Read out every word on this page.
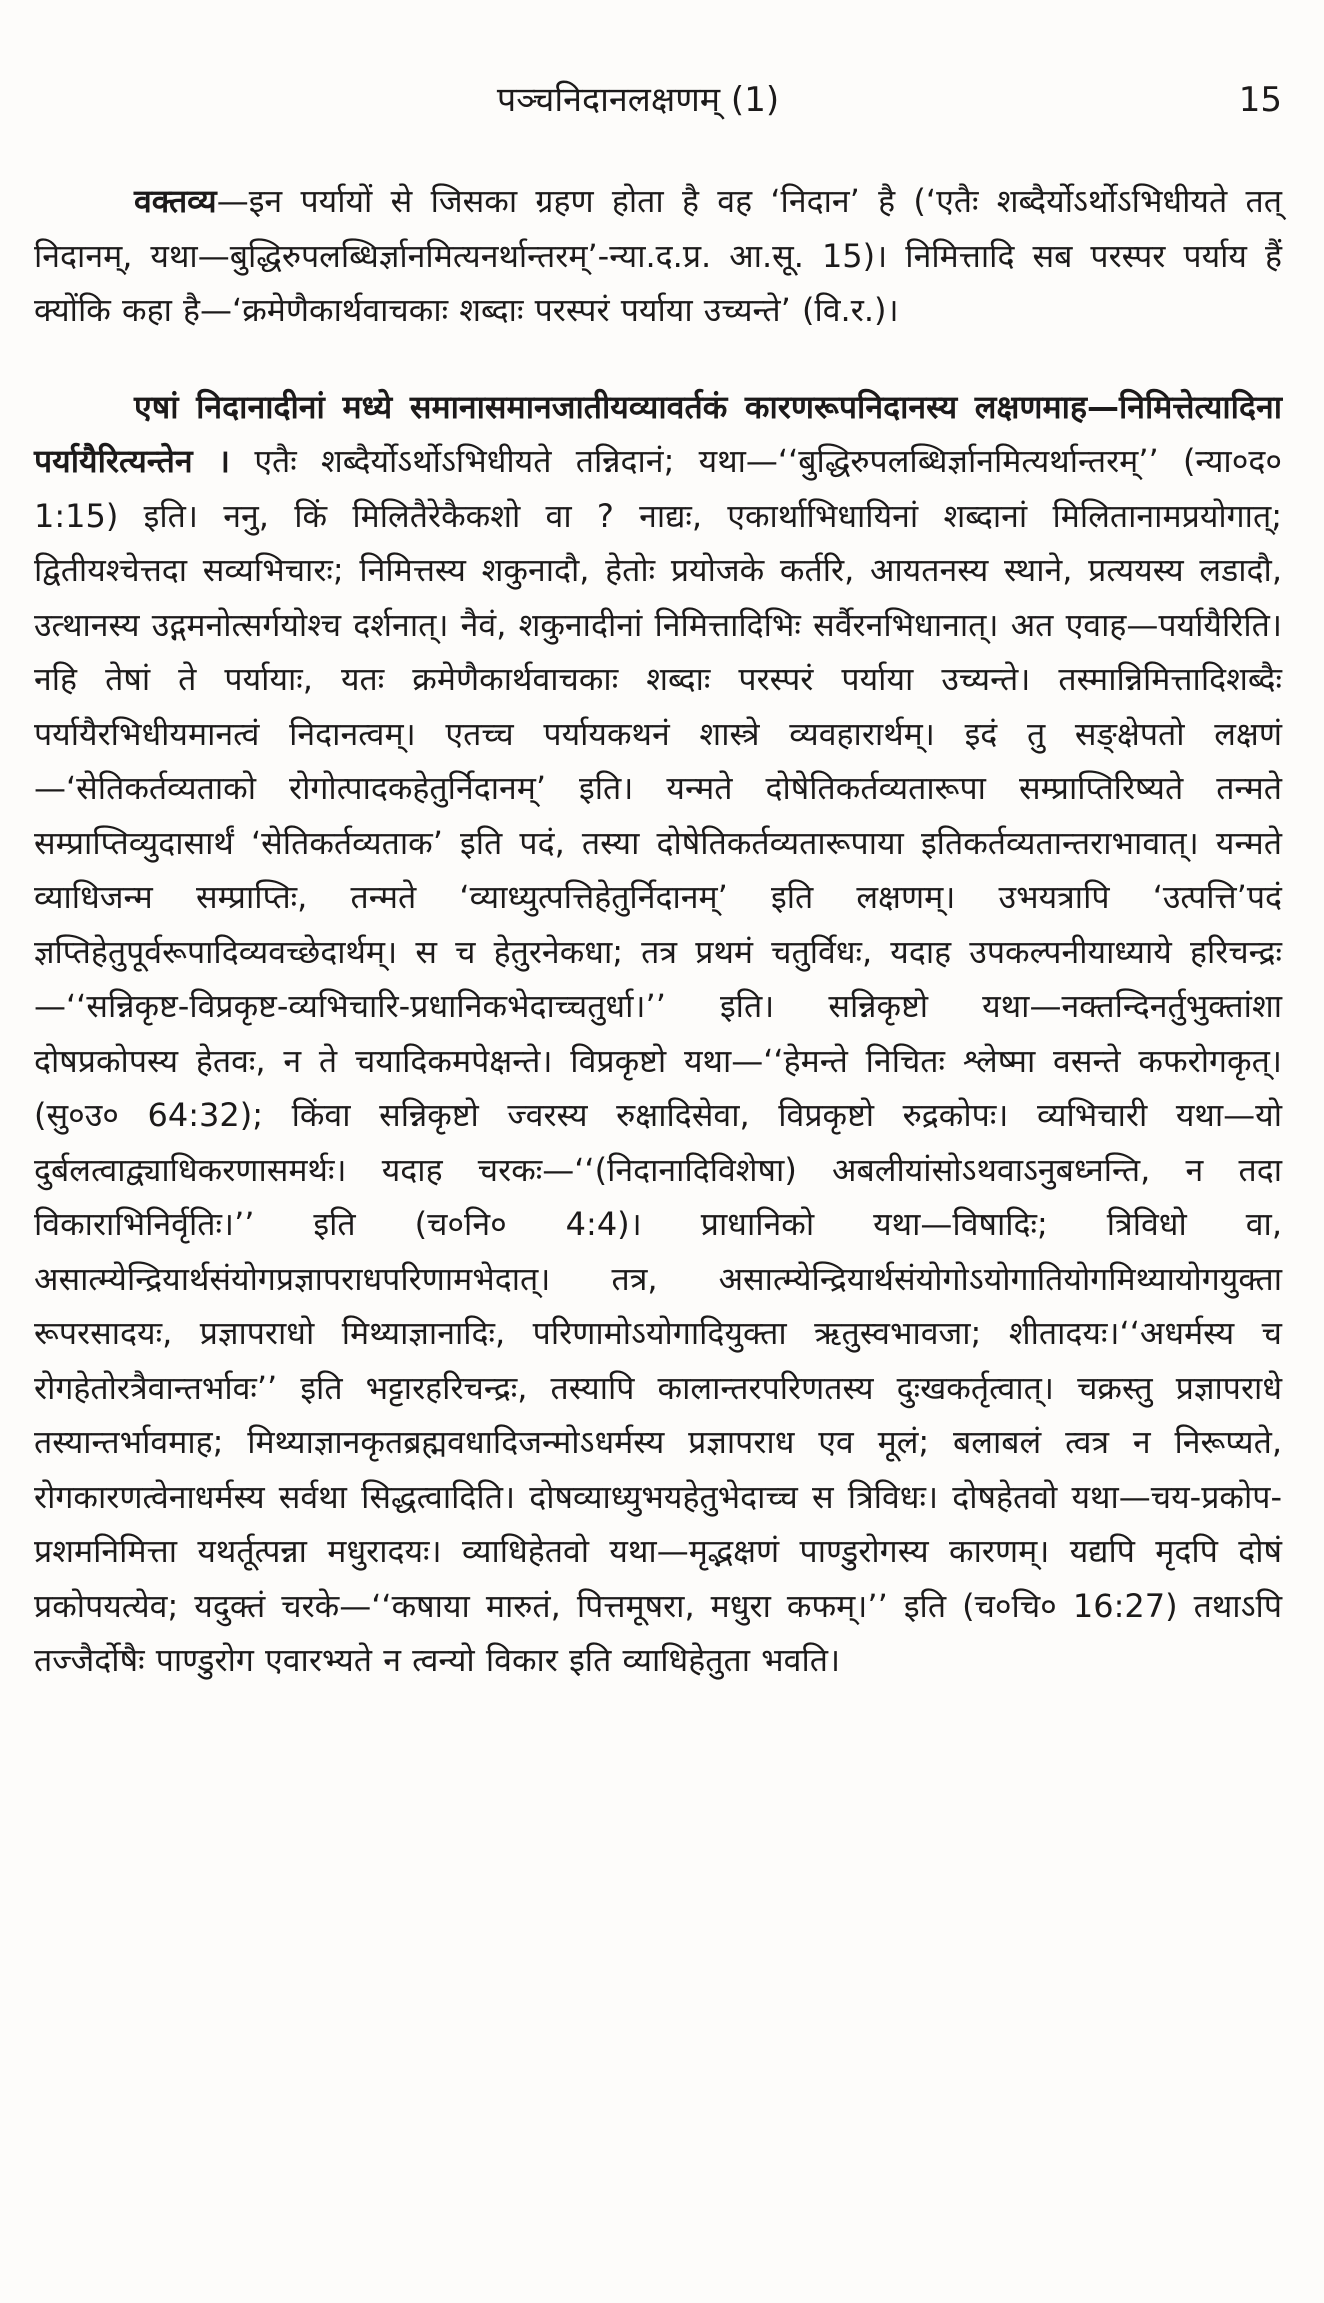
पञ्चनिदानलक्षणम् (1)	15

वक्तव्य—इन पर्यायों से जिसका ग्रहण होता है वह ‘निदान’ है (‘एतैः शब्दैर्योऽर्थोऽभिधीयते तत् निदानम्, यथा—बुद्धिरुपलब्धिर्ज्ञानमित्यनर्थान्तरम्’-न्या.द.प्र. आ.सू. 15)। निमित्तादि सब परस्पर पर्याय हैं क्योंकि कहा है—‘क्रमेणैकार्थवाचकाः शब्दाः परस्परं पर्याया उच्यन्ते’ (वि.र.)।

एषां निदानादीनां मध्ये समानासमानजातीयव्यावर्तकं कारणरूपनिदानस्य लक्षणमाह—निमित्तेत्यादिना पर्यायैरित्यन्तेन । एतैः शब्दैर्योऽर्थोऽभिधीयते तन्निदानं; यथा—‘‘बुद्धिरुपलब्धिर्ज्ञानमित्यर्थान्तरम्’’ (न्या०द० 1:15) इति। ननु, किं मिलितैरेकैकशो वा ? नाद्यः, एकार्थाभिधायिनां शब्दानां मिलितानामप्रयोगात्; द्वितीयश्चेत्तदा सव्यभिचारः; निमित्तस्य शकुनादौ, हेतोः प्रयोजके कर्तरि, आयतनस्य स्थाने, प्रत्ययस्य लडादौ, उत्थानस्य उद्गमनोत्सर्गयोश्च दर्शनात्। नैवं, शकुनादीनां निमित्तादिभिः सर्वैरनभिधानात्। अत एवाह—पर्यायैरिति। नहि तेषां ते पर्यायाः, यतः क्रमेणैकार्थवाचकाः शब्दाः परस्परं पर्याया उच्यन्ते। तस्मान्निमित्तादिशब्दैः पर्यायैरभिधीयमानत्वं निदानत्वम्। एतच्च पर्यायकथनं शास्त्रे व्यवहारार्थम्। इदं तु सङ्क्षेपतो लक्षणं—‘सेतिकर्तव्यताको रोगोत्पादकहेतुर्निदानम्’ इति। यन्मते दोषेतिकर्तव्यतारूपा सम्प्राप्तिरिष्यते तन्मते सम्प्राप्तिव्युदासार्थं ‘सेतिकर्तव्यताक’ इति पदं, तस्या दोषेतिकर्तव्यतारूपाया इतिकर्तव्यतान्तराभावात्। यन्मते व्याधिजन्म सम्प्राप्तिः, तन्मते ‘व्याध्युत्पत्तिहेतुर्निदानम्’ इति लक्षणम्। उभयत्रापि ‘उत्पत्ति’पदं ज्ञप्तिहेतुपूर्वरूपादिव्यवच्छेदार्थम्। स च हेतुरनेकधा; तत्र प्रथमं चतुर्विधः, यदाह उपकल्पनीयाध्याये हरिचन्द्रः—‘‘सन्निकृष्ट-विप्रकृष्ट-व्यभिचारि-प्रधानिकभेदाच्चतुर्धा।’’ इति। सन्निकृष्टो यथा—नक्तन्दिनर्तुभुक्तांशा दोषप्रकोपस्य हेतवः, न ते चयादिकमपेक्षन्ते। विप्रकृष्टो यथा—‘‘हेमन्ते निचितः श्लेष्मा वसन्ते कफरोगकृत्। (सु०उ० 64:32); किंवा सन्निकृष्टो ज्वरस्य रुक्षादिसेवा, विप्रकृष्टो रुद्रकोपः। व्यभिचारी यथा—यो दुर्बलत्वाद्व्याधिकरणासमर्थः। यदाह चरकः—‘‘(निदानादिविशेषा) अबलीयांसोऽथवाऽनुबध्नन्ति, न तदा विकाराभिनिर्वृतिः।’’ इति (च०नि० 4:4)। प्राधानिको यथा—विषादिः; त्रिविधो वा, असात्म्येन्द्रियार्थसंयोगप्रज्ञापराधपरिणामभेदात्। तत्र, असात्म्येन्द्रियार्थसंयोगोऽयोगातियोगमिथ्यायोगयुक्ता रूपरसादयः, प्रज्ञापराधो मिथ्याज्ञानादिः, परिणामोऽयोगादियुक्ता ऋतुस्वभावजा; शीतादयः।‘‘अधर्मस्य च रोगहेतोरत्रैवान्तर्भावः’’ इति भट्टारहरिचन्द्रः, तस्यापि कालान्तरपरिणतस्य दुःखकर्तृत्वात्। चक्रस्तु प्रज्ञापराधे तस्यान्तर्भावमाह; मिथ्याज्ञानकृतब्रह्मवधादिजन्मोऽधर्मस्य प्रज्ञापराध एव मूलं; बलाबलं त्वत्र न निरूप्यते, रोगकारणत्वेनाधर्मस्य सर्वथा सिद्धत्वादिति। दोषव्याध्युभयहेतुभेदाच्च स त्रिविधः। दोषहेतवो यथा—चय-प्रकोप-प्रशमनिमित्ता यथर्तूत्पन्ना मधुरादयः। व्याधिहेतवो यथा—मृद्भक्षणं पाण्डुरोगस्य कारणम्। यद्यपि मृदपि दोषं प्रकोपयत्येव; यदुक्तं चरके—‘‘कषाया मारुतं, पित्तमूषरा, मधुरा कफम्।’’ इति (च०चि० 16:27) तथाऽपि तज्जैर्दोषैः पाण्डुरोग एवारभ्यते न त्वन्यो विकार इति व्याधिहेतुता भवति।
